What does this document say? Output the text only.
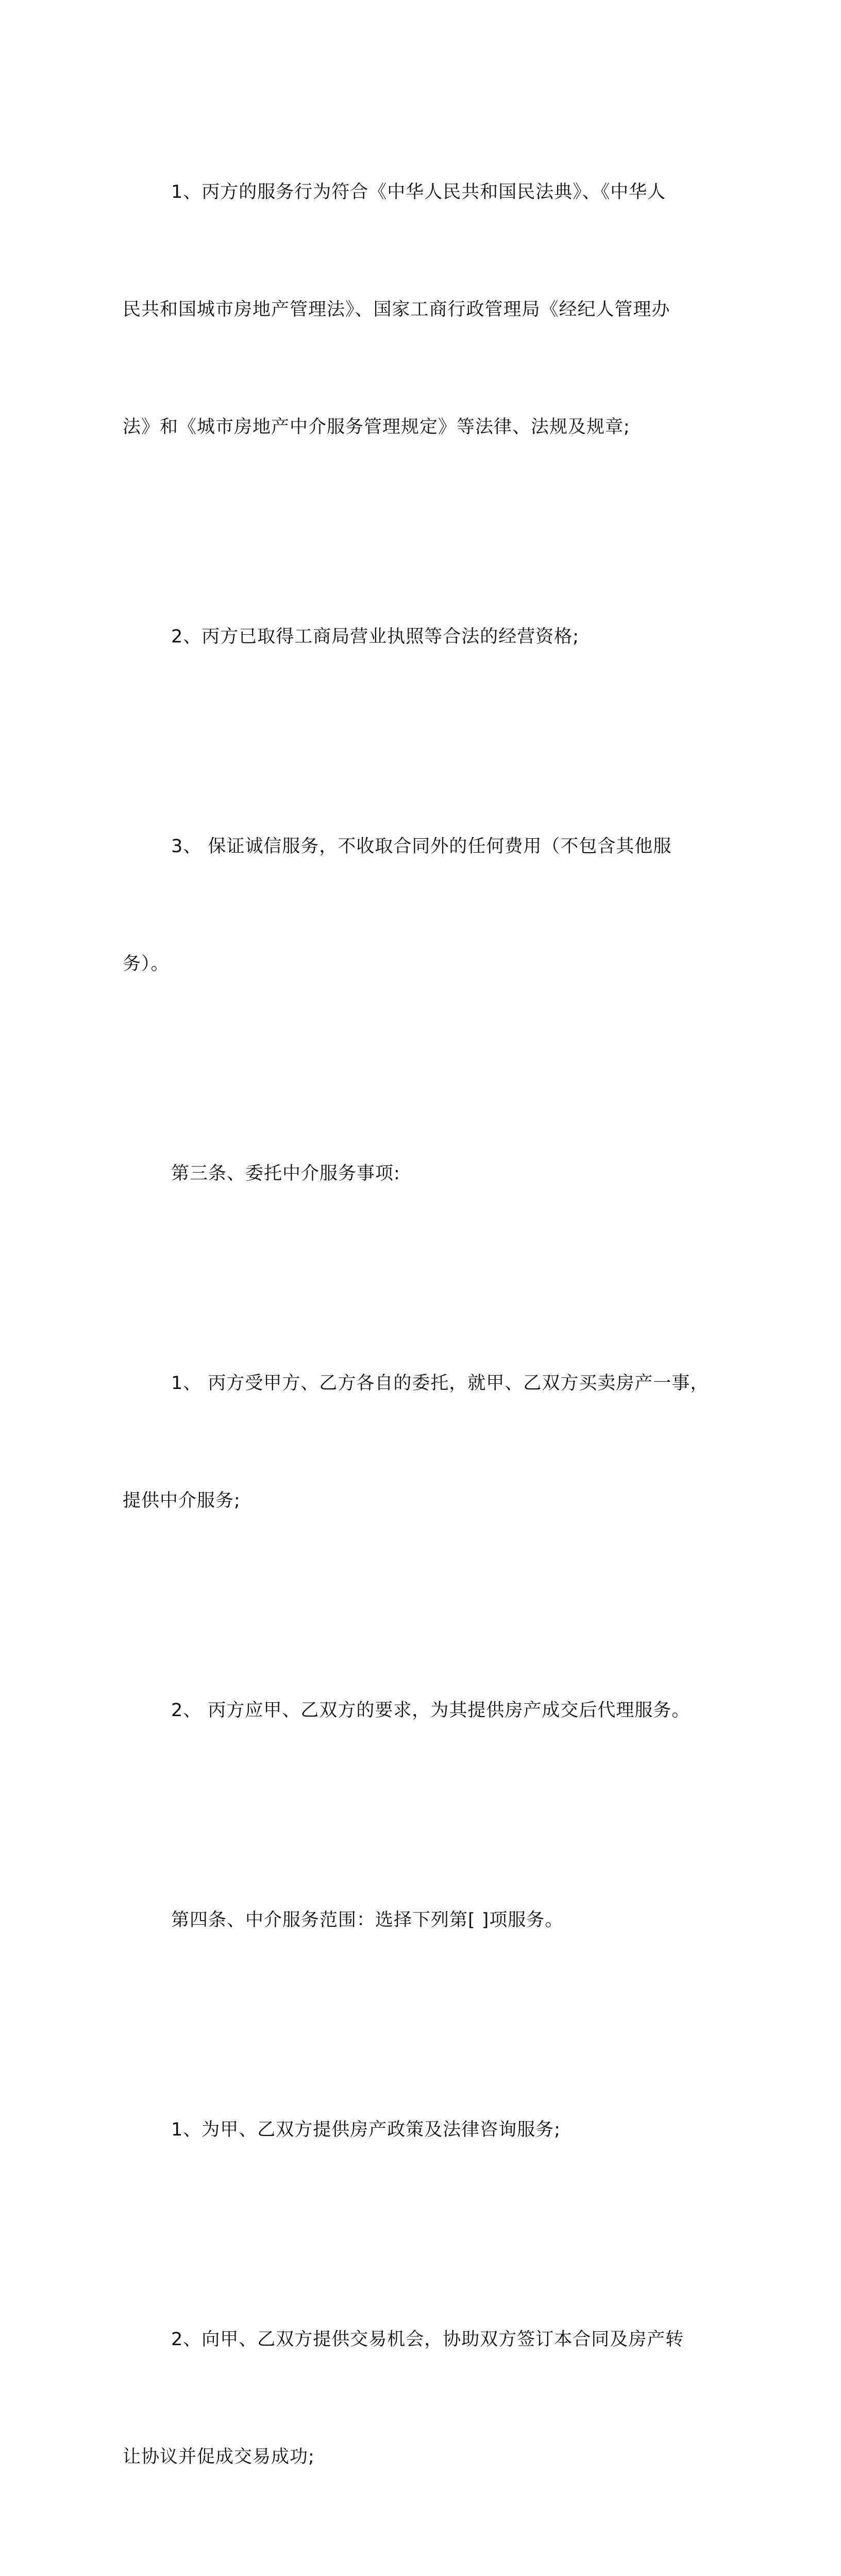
1、丙方的服务行为符合《中华人民共和国民法典》、《中华人

民共和国城市房地产管理法》、国家工商行政管理局《经纪人管理办

法》和《城市房地产中介服务管理规定》等法律、法规及规章;

2、丙方已取得工商局营业执照等合法的经营资格;

3、 保证诚信服务，不收取合同外的任何费用（不包含其他服

务）。

第三条、委托中介服务事项:

1、 丙方受甲方、乙方各自的委托，就甲、乙双方买卖房产一事，

提供中介服务;

2、 丙方应甲、乙双方的要求，为其提供房产成交后代理服务。

第四条、中介服务范围：选择下列第[ ]项服务。

1、为甲、乙双方提供房产政策及法律咨询服务;

2、向甲、乙双方提供交易机会，协助双方签订本合同及房产转

让协议并促成交易成功;
